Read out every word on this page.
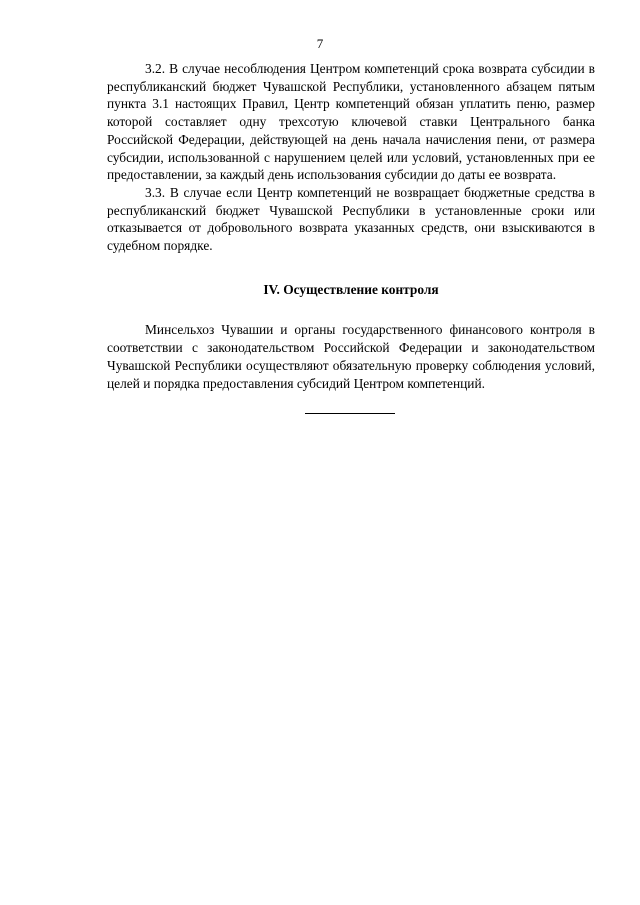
7

3.2. В случае несоблюдения Центром компетенций срока возврата субсидии в республиканский бюджет Чувашской Республики, установленного абзацем пятым пункта 3.1 настоящих Правил, Центр компетенций обязан уплатить пеню, размер которой составляет одну трехсотую ключевой ставки Центрального банка Российской Федерации, действующей на день начала начисления пени, от размера субсидии, использованной с нарушением целей или условий, установленных при ее предоставлении, за каждый день использования субсидии до даты ее возврата.

3.3. В случае если Центр компетенций не возвращает бюджетные средства в республиканский бюджет Чувашской Республики в установленные сроки или отказывается от добровольного возврата указанных средств, они взыскиваются в судебном порядке.

IV. Осуществление контроля

Минсельхоз Чувашии и органы государственного финансового контроля в соответствии с законодательством Российской Федерации и законодательством Чувашской Республики осуществляют обязательную проверку соблюдения условий, целей и порядка предоставления субсидий Центром компетенций.
